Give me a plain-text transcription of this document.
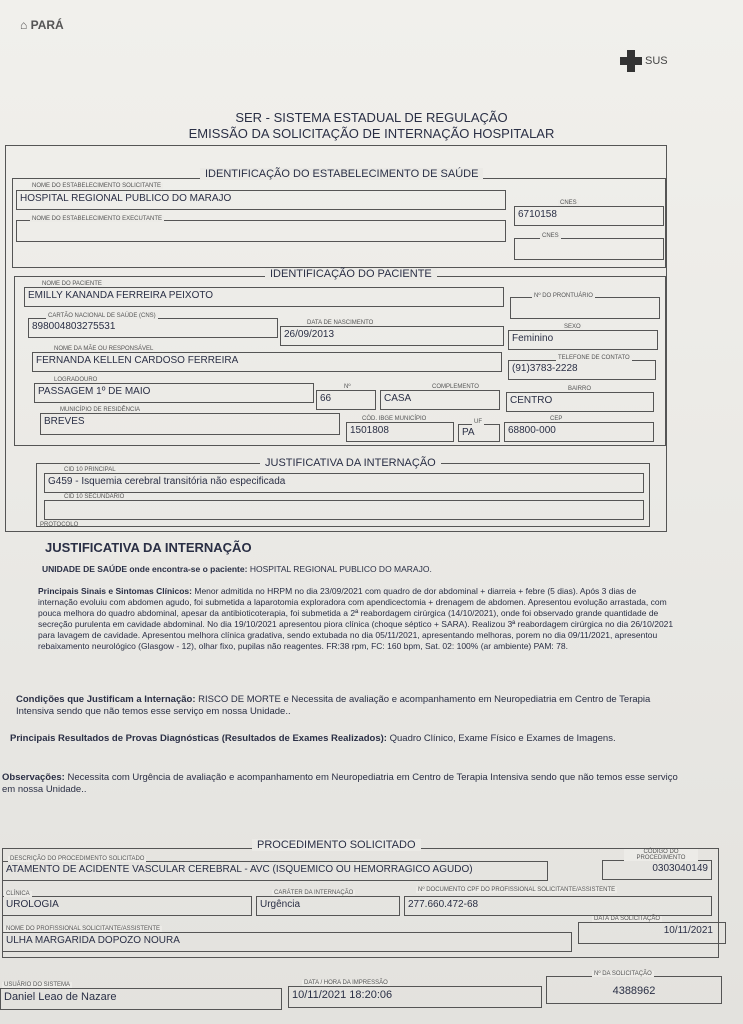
⌂ PARÁ
SUS
SER - SISTEMA ESTADUAL DE REGULAÇÃO
EMISSÃO DA SOLICITAÇÃO DE INTERNAÇÃO HOSPITALAR
IDENTIFICAÇÃO DO ESTABELECIMENTO DE SAÚDE
HOSPITAL REGIONAL PUBLICO DO MARAJO
NOME DO ESTABELECIMENTO SOLICITANTE
6710158
CNES
NOME DO ESTABELECIMENTO EXECUTANTE
CNES
IDENTIFICAÇÃO DO PACIENTE
EMILLY KANANDA FERREIRA PEIXOTO
NOME DO PACIENTE
Nº DO PRONTUÁRIO
898004803275531
CARTÃO NACIONAL DE SAÚDE (CNS)
26/09/2013
DATA DE NASCIMENTO
Feminino
SEXO
FERNANDA KELLEN CARDOSO FERREIRA
NOME DA MÃE OU RESPONSÁVEL
(91)3783-2228
TELEFONE DE CONTATO
PASSAGEM 1º DE MAIO
LOGRADOURO
66
Nº
CASA
COMPLEMENTO
CENTRO
BAIRRO
BREVES
MUNICÍPIO DE RESIDÊNCIA
1501808
CÓD. IBGE MUNICÍPIO
PA
UF
68800-000
CEP
JUSTIFICATIVA DA INTERNAÇÃO
G459 - Isquemia cerebral transitória não especificada
CID 10 PRINCIPAL
CID 10 SECUNDÁRIO
PROTOCOLO
JUSTIFICATIVA DA INTERNAÇÃO
UNIDADE DE SAÚDE onde encontra-se o paciente: HOSPITAL REGIONAL PUBLICO DO MARAJO.
Principais Sinais e Sintomas Clínicos: Menor admitida no HRPM no dia 23/09/2021 com quadro de dor abdominal + diarreia + febre (5 dias). Após 3 dias de internação evoluiu com abdomen agudo, foi submetida a laparotomia exploradora com apendicectomia + drenagem de abdomen. Apresentou evolução arrastada, com pouca melhora do quadro abdominal, apesar da antibioticoterapia, foi submetida a 2ª reabordagem cirúrgica (14/10/2021), onde foi observado grande quantidade de secreção purulenta em cavidade abdominal. No dia 19/10/2021 apresentou piora clínica (choque séptico + SARA). Realizou 3ª reabordagem cirúrgica no dia 26/10/2021 para lavagem de cavidade. Apresentou melhora clínica gradativa, sendo extubada no dia 05/11/2021, apresentando melhoras, porem no dia 09/11/2021, apresentou rebaixamento neurológico (Glasgow - 12), olhar fixo, pupilas não reagentes. FR:38 rpm, FC: 160 bpm, Sat. 02: 100% (ar ambiente) PAM: 78.
Condições que Justificam a Internação: RISCO DE MORTE e Necessita de avaliação e acompanhamento em Neuropediatria em Centro de Terapia Intensiva sendo que não temos esse serviço em nossa Unidade..
Principais Resultados de Provas Diagnósticas (Resultados de Exames Realizados): Quadro Clínico, Exame Físico e Exames de Imagens.
Observações: Necessita com Urgência de avaliação e acompanhamento em Neuropediatria em Centro de Terapia Intensiva sendo que não temos esse serviço em nossa Unidade..
PROCEDIMENTO SOLICITADO
ATAMENTO DE ACIDENTE VASCULAR CEREBRAL - AVC (ISQUEMICO OU HEMORRAGICO AGUDO)
DESCRIÇÃO DO PROCEDIMENTO SOLICITADO
0303040149
CÓDIGO DO PROCEDIMENTO
UROLOGIA
CLÍNICA
Urgência
CARÁTER DA INTERNAÇÃO
277.660.472-68
Nº DOCUMENTO CPF DO PROFISSIONAL SOLICITANTE/ASSISTENTE
ULHA MARGARIDA DOPOZO NOURA
NOME DO PROFISSIONAL SOLICITANTE/ASSISTENTE	10/11/2021
DATA DA SOLICITAÇÃO
Daniel Leao de Nazare
USUÁRIO DO SISTEMA
10/11/2021 18:20:06
DATA / HORA DA IMPRESSÃO
4388962
Nº DA SOLICITAÇÃO
